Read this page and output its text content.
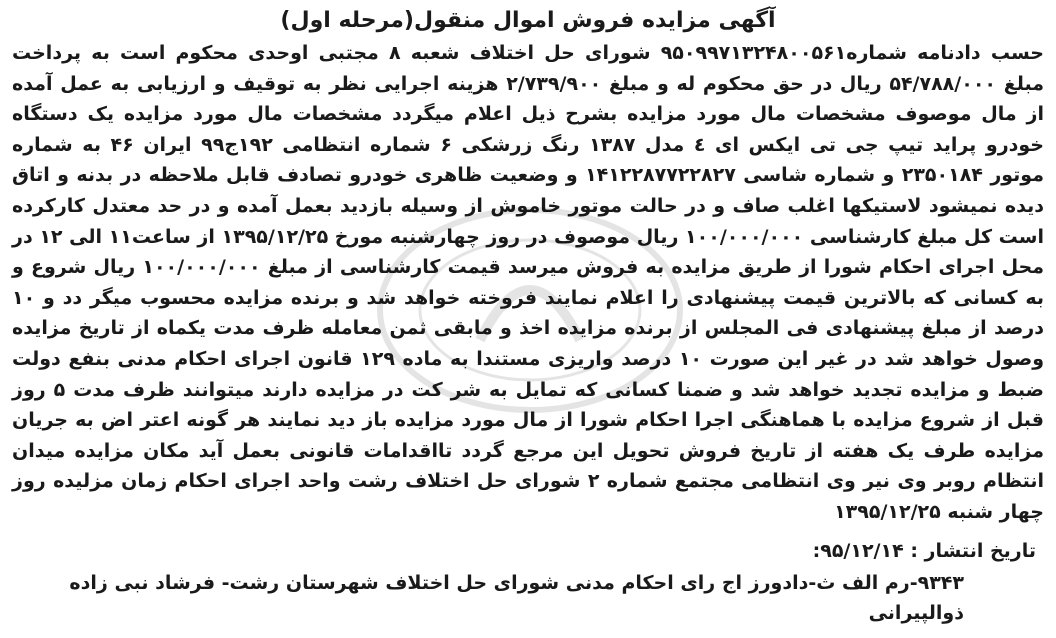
آگهی مزایده فروش اموال منقول(مرحله اول)

حسب دادنامه شماره۹۵۰۹۹۷۱۳۲۴۸۰۰۵۶۱ شورای حل اختلاف شعبه ۸ مجتبی اوحدی محکوم است به پرداخت مبلغ ۵۴/۷۸۸/۰۰۰ ریال در حق محکوم له و مبلغ ۲/۷۳۹/۹۰۰ هزینه اجرایی نظر به توقیف و ارزیابی به عمل آمده از مال موصوف مشخصات مال مورد مزایده بشرح ذیل اعلام میگردد مشخصات مال مورد مزایده یک دستگاه خودرو پراید تیپ جی تی ایکس ای ٤ مدل ۱۳۸۷ رنگ زرشکی ۶ شماره انتظامی ۱۹۲ج۹۹ ایران ۴۶ به شماره موتور ۲۳۵۰۱۸۴ و شماره شاسی ۱۴۱۲۲۸۷۷۲۲۸۲۷ و وضعیت ظاهری خودرو تصادف قابل ملاحظه در بدنه و اتاق دیده نمیشود لاستیکها اغلب صاف و در حالت موتور خاموش از وسیله بازدید بعمل آمده و در حد معتدل کارکرده است کل مبلغ کارشناسی ۱۰۰/۰۰۰/۰۰۰ ریال موصوف در روز چهارشنبه مورخ ۱۳۹۵/۱۲/۲۵ از ساعت۱۱ الی ۱۲ در محل اجرای احکام شورا از طریق مزایده به فروش میرسد قیمت کارشناسی از مبلغ ۱۰۰/۰۰۰/۰۰۰ ریال شروع و به کسانی که بالاترین قیمت پیشنهادی را اعلام نمایند فروخته خواهد شد و برنده مزایده محسوب میگر دد و ۱۰ درصد از مبلغ پیشنهادی فی المجلس از برنده مزایده اخذ و مابقی ثمن معامله ظرف مدت یکماه از تاریخ مزایده وصول خواهد شد در غیر این صورت ۱۰ درصد واریزی مستندا به ماده ۱۲۹ قانون اجرای احکام مدنی بنفع دولت ضبط و مزایده تجدید خواهد شد و ضمنا کسانی که تمایل به شر کت در مزایده دارند میتوانند ظرف مدت ۵ روز قبل از شروع مزایده با هماهنگی اجرا احکام شورا از مال مورد مزایده باز دید نمایند هر گونه اعتر اض به جریان مزایده طرف یک هفته از تاریخ فروش تحویل این مرجع گردد تااقدامات قانونی بعمل آید مکان مزایده میدان انتظام روبر وی نیر وی انتظامی مجتمع شماره ۲ شورای حل اختلاف رشت واحد اجرای احکام زمان مزلیده روز چهار شنبه ۱۳۹۵/۱۲/۲۵

تاریخ انتشار : ۹۵/۱۲/۱۴:
۹۳۴۳-رم الف ث-دادورز اج رای احکام مدنی شورای حل اختلاف شهرستان رشت- فرشاد نبی زاده ذوالپیرانی
